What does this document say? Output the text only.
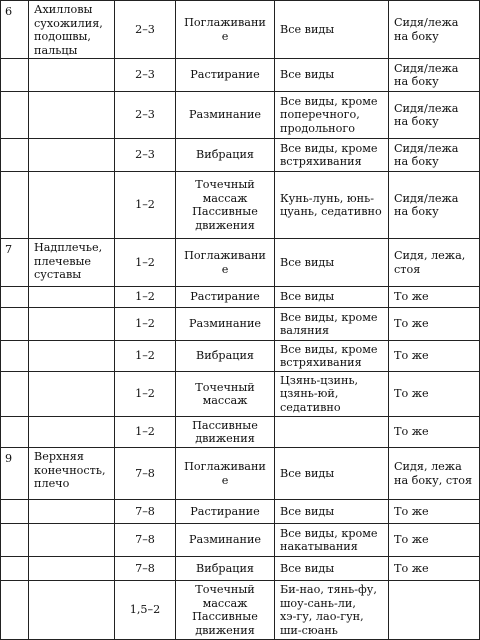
6	Ахилловы
сухожилия,
подошвы,
пальцы	2–3	Поглаживание	Все виды	Сидя/лежа
на боку

		2–3	Растирание	Все виды	Сидя/лежа
на боку

		2–3	Разминание	Все виды, кроме
поперечного,
продольного	Сидя/лежа
на боку

		2–3	Вибрация	Все виды, кроме
встряхивания	Сидя/лежа
на боку

		1–2	Точечный
массаж
Пассивные
движения	Кунь-лунь, юнь-
цуань, седативно	Сидя/лежа
на боку

7	Надплечье,
плечевые
суставы	1–2	Поглаживание	Все виды	Сидя, лежа,
стоя

		1–2	Растирание	Все виды	То же

		1–2	Разминание	Все виды, кроме
валяния	То же

		1–2	Вибрация	Все виды, кроме
встряхивания	То же

		1–2	Точечный
массаж	Цзянь-цзинь,
цзянь-юй,
седативно	То же

		1–2	Пассивные
движения		То же

9	Верхняя
конечность,
плечо	7–8	Поглаживание	Все виды	Сидя, лежа
на боку, стоя

		7–8	Растирание	Все виды	То же

		7–8	Разминание	Все виды, кроме
накатывания	То же

		7–8	Вибрация	Все виды	То же

		1,5–2	Точечный
массаж
Пассивные
движения	Би-нао, тянь-фу,
шоу-сань-ли,
хэ-гу, лао-гун,
ши-сюань	
